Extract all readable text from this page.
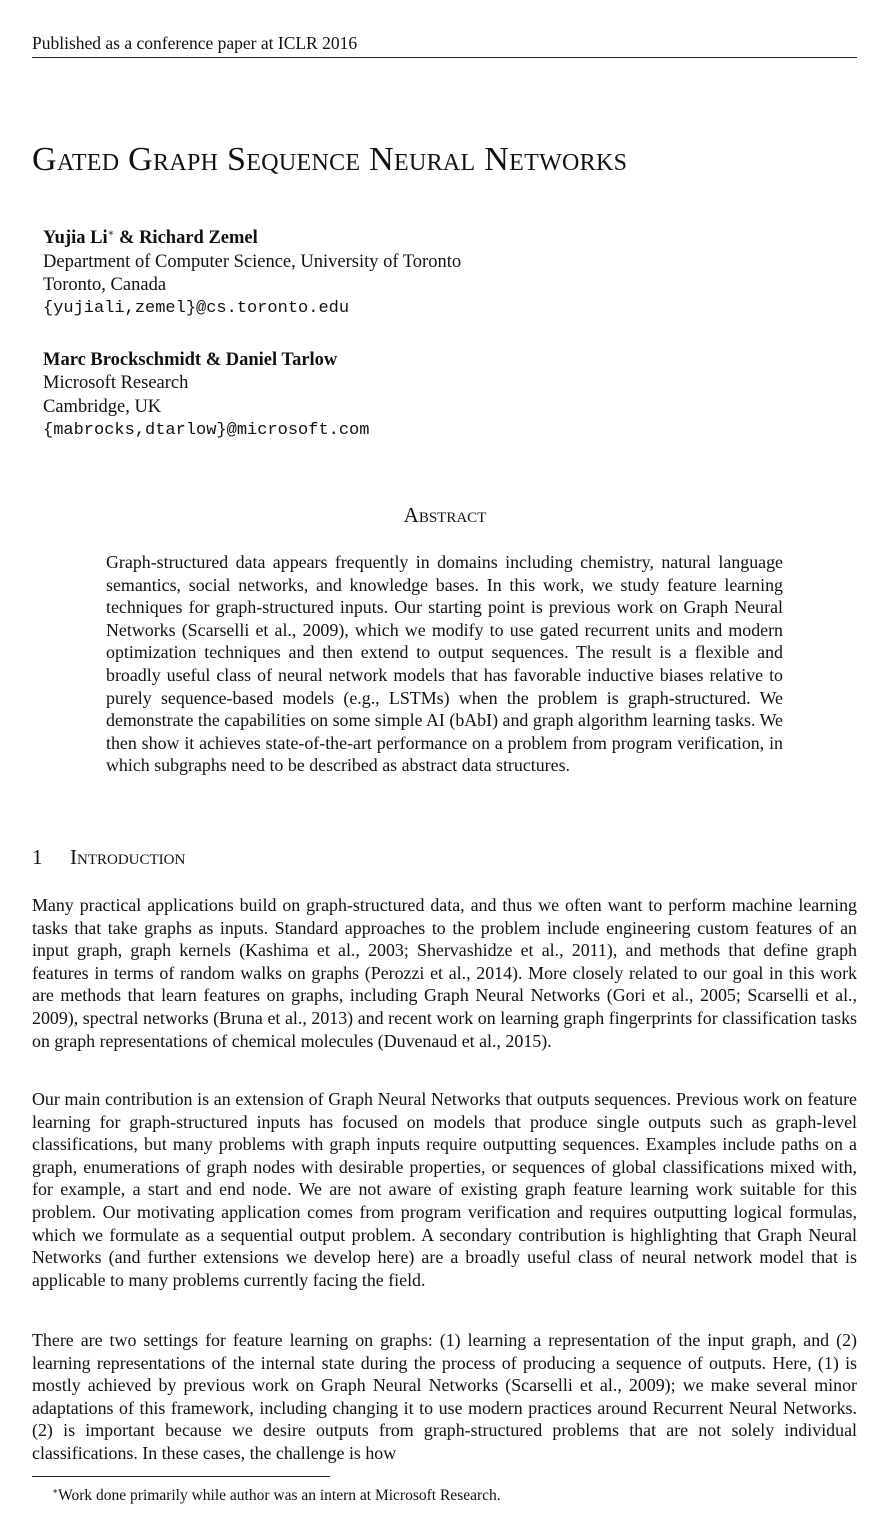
Published as a conference paper at ICLR 2016
Gated Graph Sequence Neural Networks
Yujia Li∗ & Richard Zemel
Department of Computer Science, University of Toronto
Toronto, Canada
{yujiali,zemel}@cs.toronto.edu
Marc Brockschmidt & Daniel Tarlow
Microsoft Research
Cambridge, UK
{mabrocks,dtarlow}@microsoft.com
Abstract
Graph-structured data appears frequently in domains including chemistry, natural language semantics, social networks, and knowledge bases. In this work, we study feature learning techniques for graph-structured inputs. Our starting point is previous work on Graph Neural Networks (Scarselli et al., 2009), which we modify to use gated recurrent units and modern optimization techniques and then extend to output sequences. The result is a flexible and broadly useful class of neural network models that has favorable inductive biases relative to purely sequence-based models (e.g., LSTMs) when the problem is graph-structured. We demonstrate the capabilities on some simple AI (bAbI) and graph algorithm learning tasks. We then show it achieves state-of-the-art performance on a problem from program verification, in which subgraphs need to be described as abstract data structures.
1 Introduction
Many practical applications build on graph-structured data, and thus we often want to perform machine learning tasks that take graphs as inputs. Standard approaches to the problem include engineering custom features of an input graph, graph kernels (Kashima et al., 2003; Shervashidze et al., 2011), and methods that define graph features in terms of random walks on graphs (Perozzi et al., 2014). More closely related to our goal in this work are methods that learn features on graphs, including Graph Neural Networks (Gori et al., 2005; Scarselli et al., 2009), spectral networks (Bruna et al., 2013) and recent work on learning graph fingerprints for classification tasks on graph representations of chemical molecules (Duvenaud et al., 2015).
Our main contribution is an extension of Graph Neural Networks that outputs sequences. Previous work on feature learning for graph-structured inputs has focused on models that produce single outputs such as graph-level classifications, but many problems with graph inputs require outputting sequences. Examples include paths on a graph, enumerations of graph nodes with desirable properties, or sequences of global classifications mixed with, for example, a start and end node. We are not aware of existing graph feature learning work suitable for this problem. Our motivating application comes from program verification and requires outputting logical formulas, which we formulate as a sequential output problem. A secondary contribution is highlighting that Graph Neural Networks (and further extensions we develop here) are a broadly useful class of neural network model that is applicable to many problems currently facing the field.
There are two settings for feature learning on graphs: (1) learning a representation of the input graph, and (2) learning representations of the internal state during the process of producing a sequence of outputs. Here, (1) is mostly achieved by previous work on Graph Neural Networks (Scarselli et al., 2009); we make several minor adaptations of this framework, including changing it to use modern practices around Recurrent Neural Networks. (2) is important because we desire outputs from graph-structured problems that are not solely individual classifications. In these cases, the challenge is how
∗Work done primarily while author was an intern at Microsoft Research.
